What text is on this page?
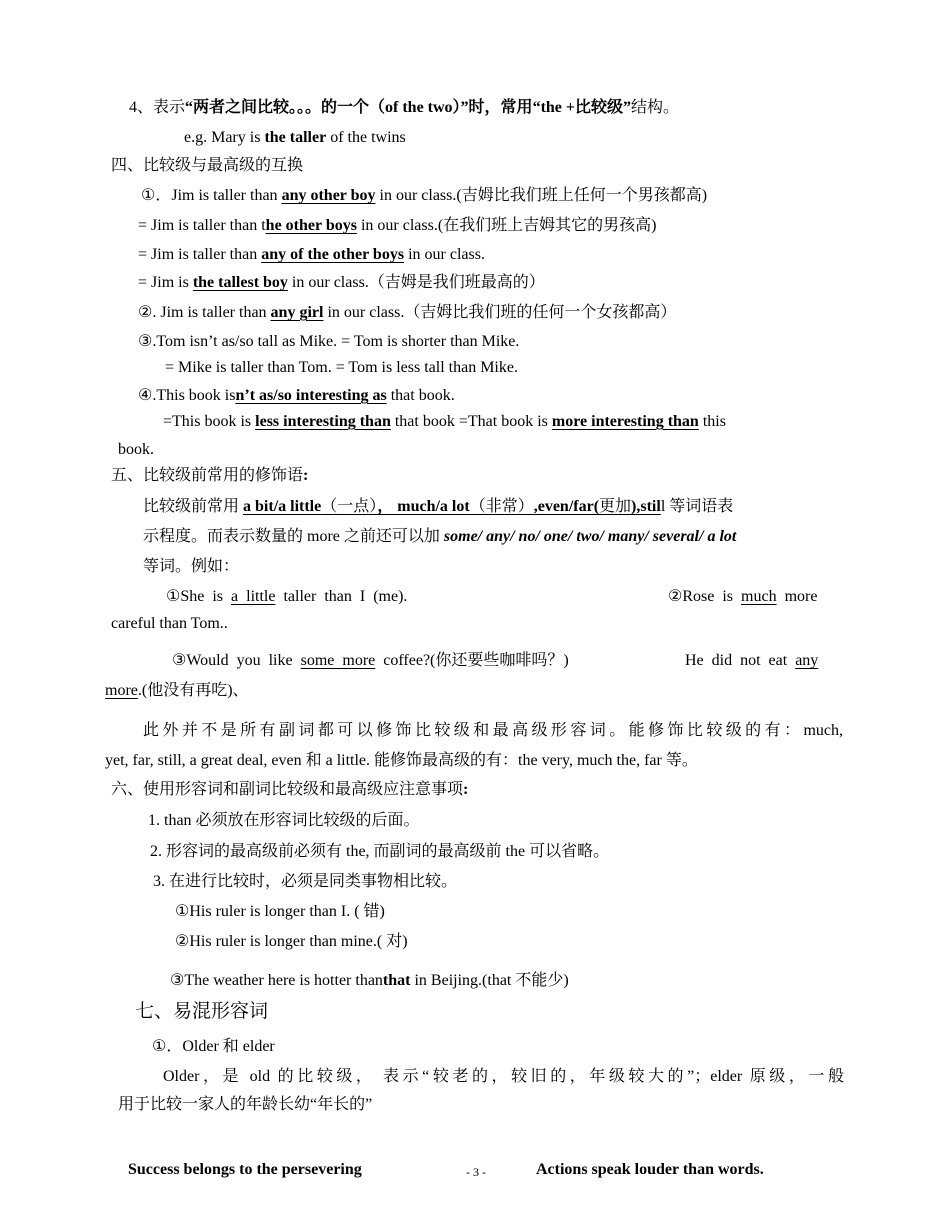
4、表示“两者之间比较。。。的一个（of the two）”时，常用“the +比较级”结构。
e.g. Mary is the taller of the twins
四、比较级与最高级的互换
①．Jim is taller than any other boy in our class.(吉姆比我们班上任何一个男孩都高)
= Jim is taller than the other boys in our class.(在我们班上吉姆其它的男孩高)
= Jim is taller than any of the other boys in our class.
= Jim is the tallest boy in our class.（吉姆是我们班最高的）
②. Jim is taller than any girl in our class.（吉姆比我们班的任何一个女孩都高）
③.Tom isn’t as/so tall as Mike. = Tom is shorter than Mike.
= Mike is taller than Tom. = Tom is less tall than Mike.
④.This book isn’t as/so interesting as that book.
=This book is less interesting than that book =That book is more interesting than this
book.
五、比较级前常用的修饰语:
比较级前常用 a bit/a little（一点）， much/a lot（非常）,even/far(更加),still 等词语表
示程度。而表示数量的 more 之前还可以加 some/ any/ no/ one/ two/ many/ several/ a lot
等词。例如：
①She is a little taller than I (me).	②Rose is much more
careful than Tom..
③Would you like some more coffee?(你还要些咖啡吗？)	He did not eat any
more.(他没有再吃)、
此外并不是所有副词都可以修饰比较级和最高级形容词。能修饰比较级的有：much,
yet, far, still, a great deal, even 和 a little. 能修饰最高级的有：the very, much the, far 等。
六、使用形容词和副词比较级和最高级应注意事项:
1. than 必须放在形容词比较级的后面。
2. 形容词的最高级前必须有 the, 而副词的最高级前 the 可以省略。
3. 在进行比较时，必须是同类事物相比较。
①His ruler is longer than I. ( 错)
②His ruler is longer than mine.( 对)
③The weather here is hotter thanthat in Beijing.(that 不能少)
七、易混形容词
①．Older 和 elder
Older，是 old 的比较级， 表示“较老的，较旧的，年级较大的”；elder 原级，一般
用于比较一家人的年龄长幼“年长的”
Success belongs to the persevering	- 3 -	Actions speak louder than words.
